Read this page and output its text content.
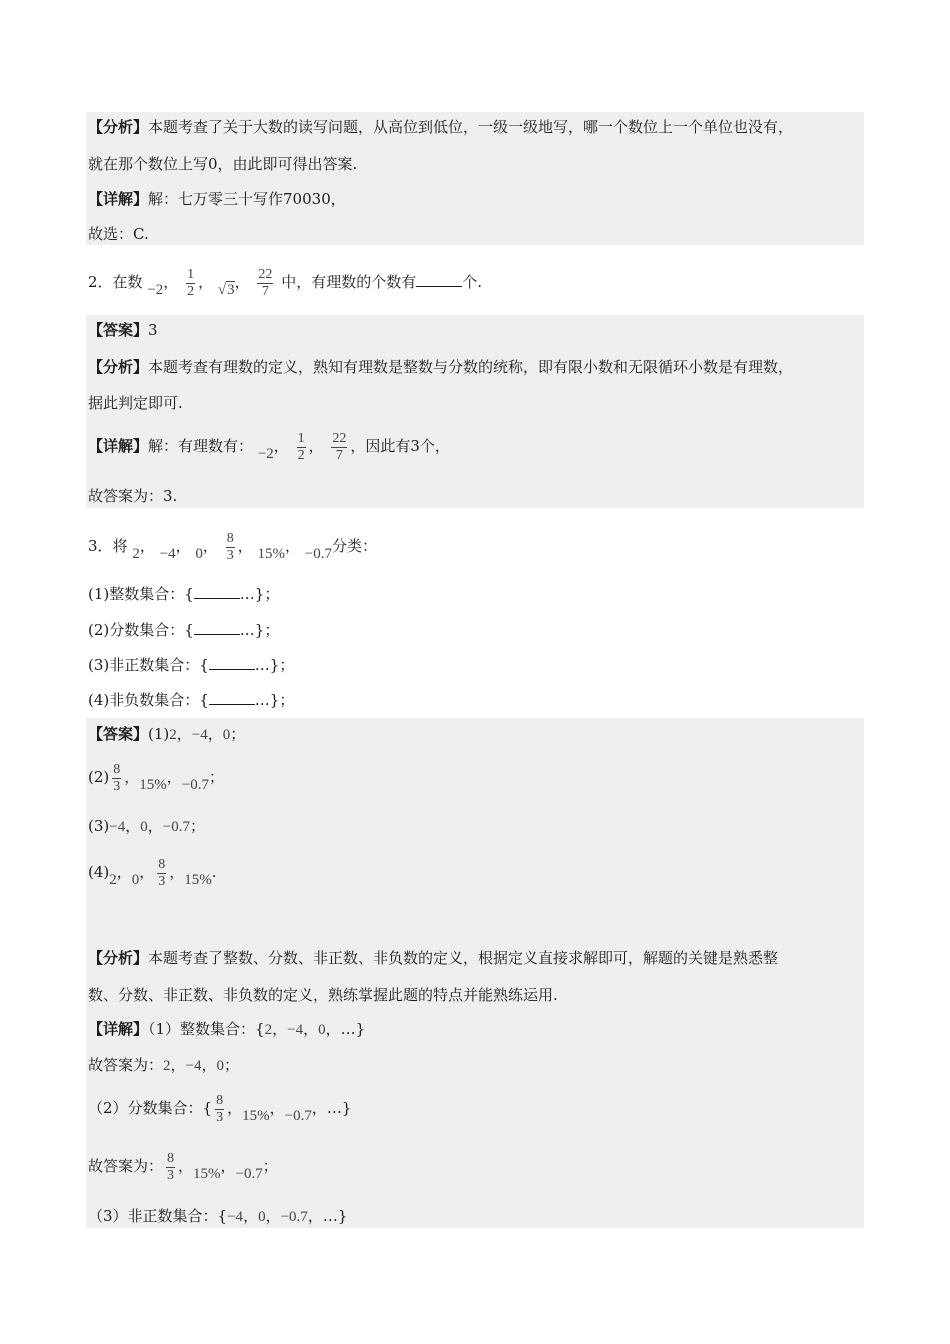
【分析】本题考查了关于大数的读写问题，从高位到低位，一级一级地写，哪一个数位上一个单位也没有，
就在那个数位上写0，由此即可得出答案.
【详解】解：七万零三十写作70030，
故选：C.
2．在数 −2， $\frac{1}{2}$ ， √3， $\frac{22}{7}$ 中，有理数的个数有	个.
【答案】3
【分析】本题考查有理数的定义，熟知有理数是整数与分数的统称，即有限小数和无限循环小数是有理数，
据此判定即可.
【详解】解：有理数有： −2， $\frac{1}{2}$ ， $\frac{22}{7}$ ，因此有3个，
故答案为：3.
3．将 2， −4， 0， $\frac{8}{3}$ ， 15%， −0.7分类：
(1)整数集合：{	…}；
(2)分数集合：{	…}；
(3)非正数集合：{	…}；
(4)非负数集合：{	…}；
【答案】(1)2，−4，0；
$(2) \frac{8}{3}$ ，15%，−0.7；
(3)−4，0，−0.7；
(4)2，0， $\frac{8}{3}$ ，15%.
【分析】本题考查了整数、分数、非正数、非负数的定义，根据定义直接求解即可，解题的关键是熟悉整
数、分数、非正数、非负数的定义，熟练掌握此题的特点并能熟练运用.
【详解】（1）整数集合：{2，−4，0，…}
故答案为：2，−4，0；
（2）分数集合：{ $\frac{8}{3}$ ，15%，−0.7，…}
故答案为： $\frac{8}{3}$ ，15%，−0.7；
（3）非正数集合：{−4，0，−0.7，…}
